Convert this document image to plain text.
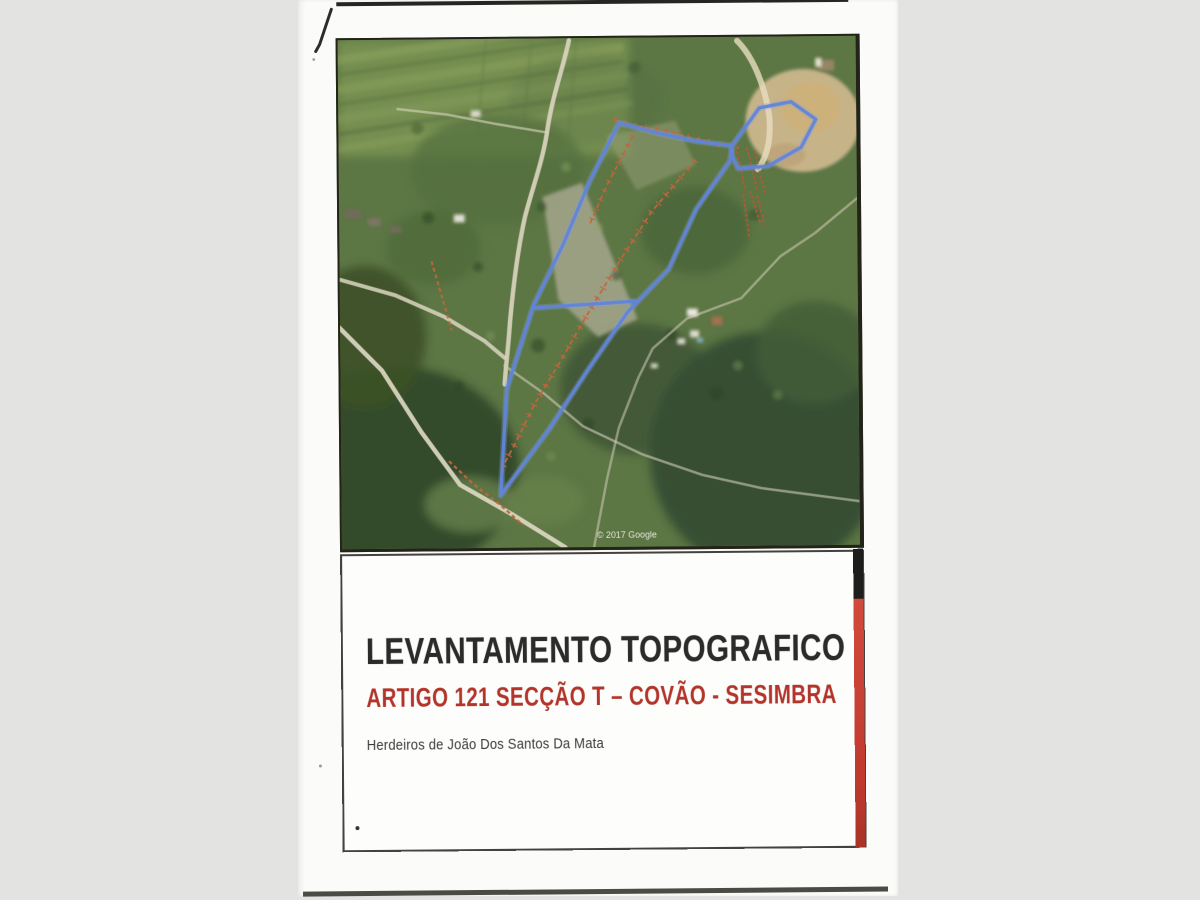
© 2017 Google
LEVANTAMENTO TOPOGRAFICO
ARTIGO 121 SECÇÃO T – COVÃO - SESIMBRA
Herdeiros de João Dos Santos Da Mata
